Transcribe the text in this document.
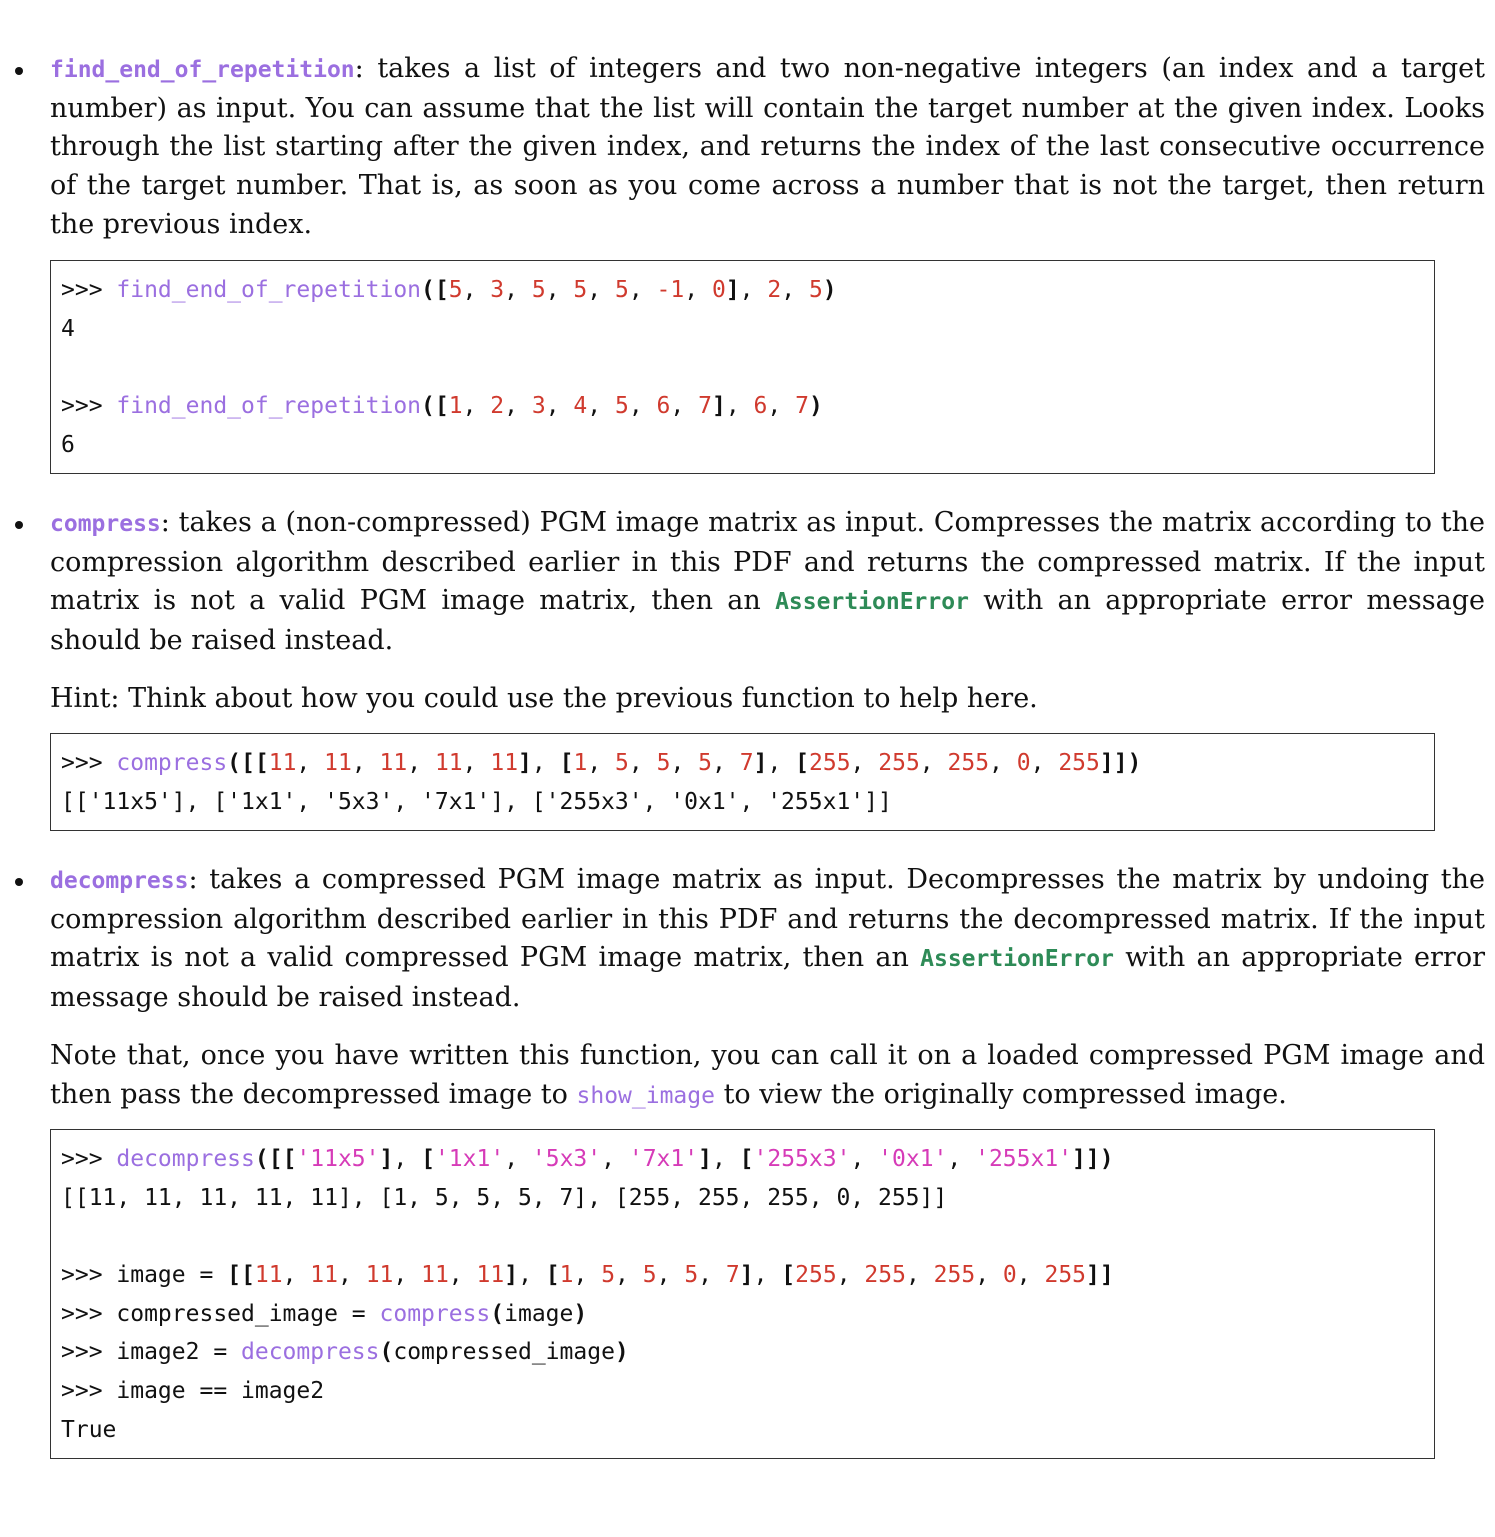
find_end_of_repetition: takes a list of integers and two non-negative integers (an index and a target number) as input. You can assume that the list will contain the target number at the given index. Looks through the list starting after the given index, and returns the index of the last consecutive occurrence of the target number. That is, as soon as you come across a number that is not the target, then return the previous index.

>>> find_end_of_repetition([5, 3, 5, 5, 5, -1, 0], 2, 5)
4
>>> find_end_of_repetition([1, 2, 3, 4, 5, 6, 7], 6, 7)
6

compress: takes a (non-compressed) PGM image matrix as input. Compresses the matrix according to the compression algorithm described earlier in this PDF and returns the compressed matrix. If the input matrix is not a valid PGM image matrix, then an AssertionError with an appropriate error message should be raised instead.

Hint: Think about how you could use the previous function to help here.

>>> compress([[11, 11, 11, 11, 11], [1, 5, 5, 5, 7], [255, 255, 255, 0, 255]])
[['11x5'], ['1x1', '5x3', '7x1'], ['255x3', '0x1', '255x1']]

decompress: takes a compressed PGM image matrix as input. Decompresses the matrix by undoing the compression algorithm described earlier in this PDF and returns the decompressed matrix. If the input matrix is not a valid compressed PGM image matrix, then an AssertionError with an appropriate error message should be raised instead.

Note that, once you have written this function, you can call it on a loaded compressed PGM image and then pass the decompressed image to show_image to view the originally compressed image.

>>> decompress([['11x5'], ['1x1', '5x3', '7x1'], ['255x3', '0x1', '255x1']])
[[11, 11, 11, 11, 11], [1, 5, 5, 5, 7], [255, 255, 255, 0, 255]]
>>> image = [[11, 11, 11, 11, 11], [1, 5, 5, 5, 7], [255, 255, 255, 0, 255]]
>>> compressed_image = compress(image)
>>> image2 = decompress(compressed_image)
>>> image == image2
True
